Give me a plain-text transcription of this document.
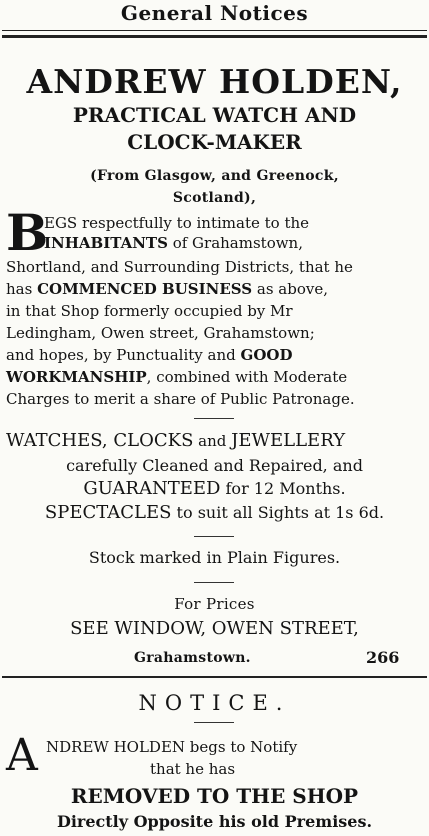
General Notices
ANDREW HOLDEN,
PRACTICAL WATCH AND
CLOCK-MAKER
(From Glasgow, and Greenock,
Scotland),
B
EGS respectfully to intimate to the
INHABITANTS of Grahamstown,
Shortland, and Surrounding Districts, that he
has COMMENCED BUSINESS as above,
in that Shop formerly occupied by Mr
Ledingham, Owen street, Grahamstown;
and hopes, by Punctuality and GOOD
WORKMANSHIP, combined with Moderate
Charges to merit a share of Public Patronage.
WATCHES, CLOCKS and JEWELLERY
carefully Cleaned and Repaired, and
GUARANTEED for 12 Months.
SPECTACLES to suit all Sights at 1s 6d.
Stock marked in Plain Figures.
For Prices
SEE WINDOW, OWEN STREET,
Grahamstown.	266
NOTICE.
A NDREW HOLDEN begs to Notify
that he has
REMOVED TO THE SHOP
Directly Opposite his old Premises.
